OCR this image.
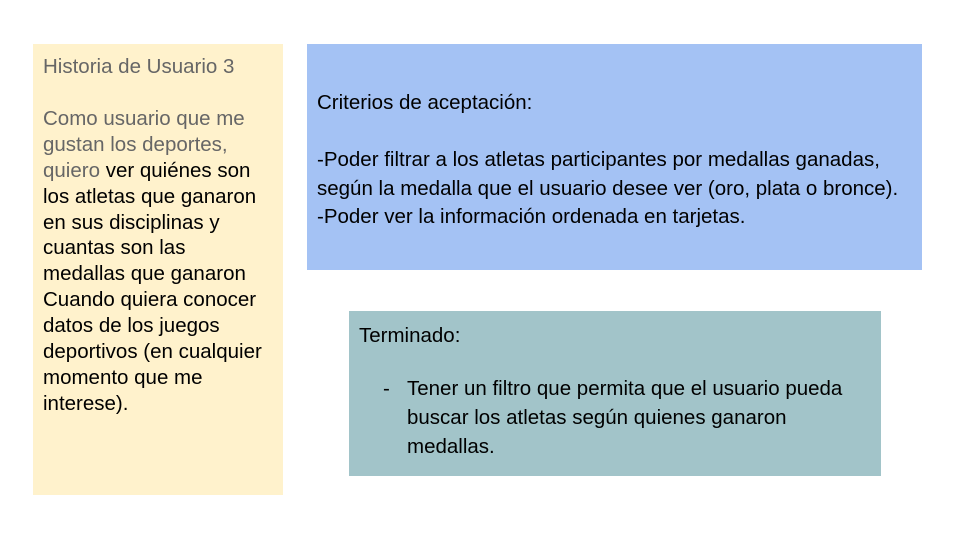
Historia de Usuario 3
Como usuario que me gustan los deportes, quiero ver quiénes son los atletas que ganaron en sus disciplinas y cuantas son las medallas que ganaron Cuando quiera conocer datos de los juegos deportivos (en cualquier momento que me interese).
Criterios de aceptación:
-Poder filtrar a los atletas participantes por medallas ganadas, según la medalla que el usuario desee ver (oro, plata o bronce).
-Poder ver la información ordenada en tarjetas.
Terminado:
- Tener un filtro que permita que el usuario pueda buscar los atletas según quienes ganaron medallas.
